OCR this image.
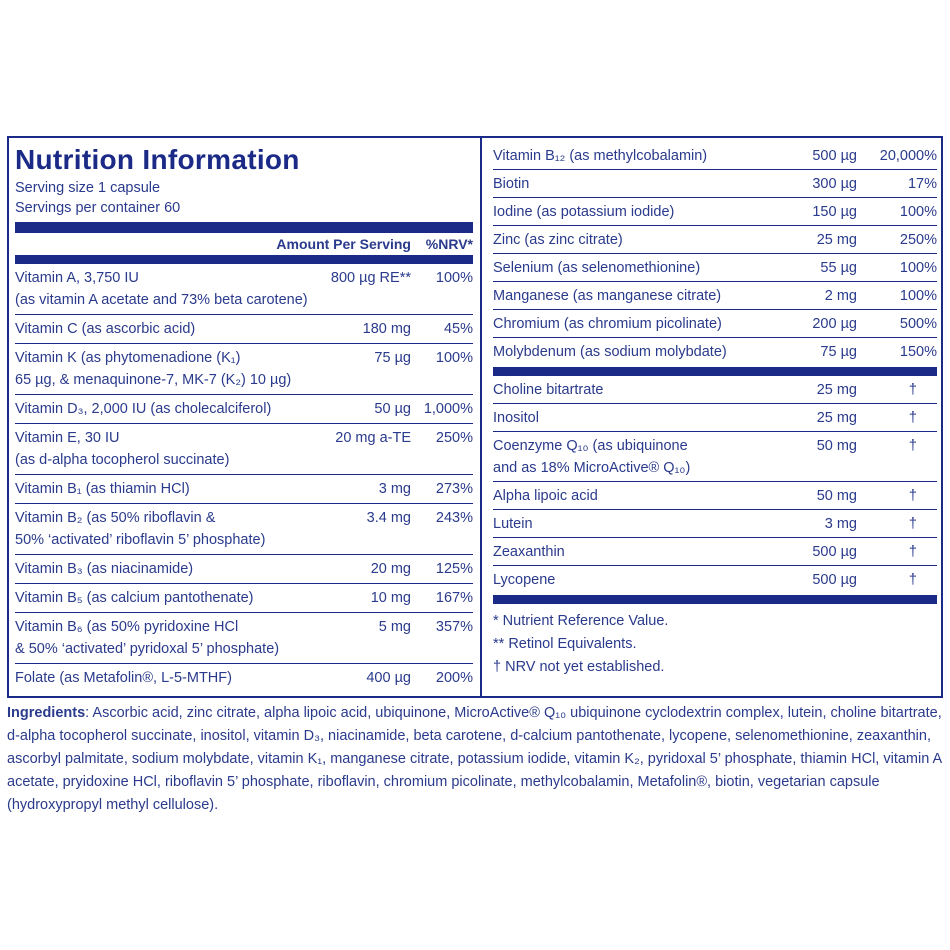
Nutrition Information
Serving size 1 capsule
Servings per container 60
Amount Per Serving	%NRV*
Vitamin A, 3,750 IU	800 µg RE**	100%
(as vitamin A acetate and 73% beta carotene)
Vitamin C (as ascorbic acid)	180 mg	45%
Vitamin K (as phytomenadione (K₁)	75 µg	100%
65 µg, & menaquinone-7, MK-7 (K₂) 10 µg)
Vitamin D₃, 2,000 IU (as cholecalciferol)	50 µg 1,000%
Vitamin E, 30 IU	20 mg a-TE	250%
(as d-alpha tocopherol succinate)
Vitamin B₁ (as thiamin HCl)	3 mg	273%
Vitamin B₂ (as 50% riboflavin &	3.4 mg	243%
50% ‘activated’ riboflavin 5’ phosphate)
Vitamin B₃ (as niacinamide)	20 mg	125%
Vitamin B₅ (as calcium pantothenate)	10 mg	167%
Vitamin B₆ (as 50% pyridoxine HCl	5 mg	357%
& 50% ‘activated’ pyridoxal 5’ phosphate)
Folate (as Metafolin®, L-5-MTHF)	400 µg	200%
Vitamin B₁₂ (as methylcobalamin)	500 µg	20,000%
Biotin	300 µg	17%
Iodine (as potassium iodide)	150 µg	100%
Zinc (as zinc citrate)	25 mg	250%
Selenium (as selenomethionine)	55 µg	100%
Manganese (as manganese citrate)	2 mg	100%
Chromium (as chromium picolinate)	200 µg	500%
Molybdenum (as sodium molybdate)	75 µg	150%
Choline bitartrate	25 mg	†
Inositol	25 mg	†
Coenzyme Q₁₀ (as ubiquinone	50 mg	†
and as 18% MicroActive® Q₁₀)
Alpha lipoic acid	50 mg	†
Lutein	3 mg	†
Zeaxanthin	500 µg	†
Lycopene	500 µg	†
* Nutrient Reference Value.
** Retinol Equivalents.
† NRV not yet established.
Ingredients: Ascorbic acid, zinc citrate, alpha lipoic acid, ubiquinone, MicroActive® Q₁₀ ubiquinone cyclodextrin complex, lutein, choline bitartrate, d-alpha tocopherol succinate, inositol, vitamin D₃, niacinamide, beta carotene, d-calcium pantothenate, lycopene, selenomethionine, zeaxanthin, ascorbyl palmitate, sodium molybdate, vitamin K₁, manganese citrate, potassium iodide, vitamin K₂, pyridoxal 5’ phosphate, thiamin HCl, vitamin A acetate, pryidoxine HCl, riboflavin 5’ phosphate, riboflavin, chromium picolinate, methylcobalamin, Metafolin®, biotin, vegetarian capsule (hydroxypropyl methyl cellulose).
